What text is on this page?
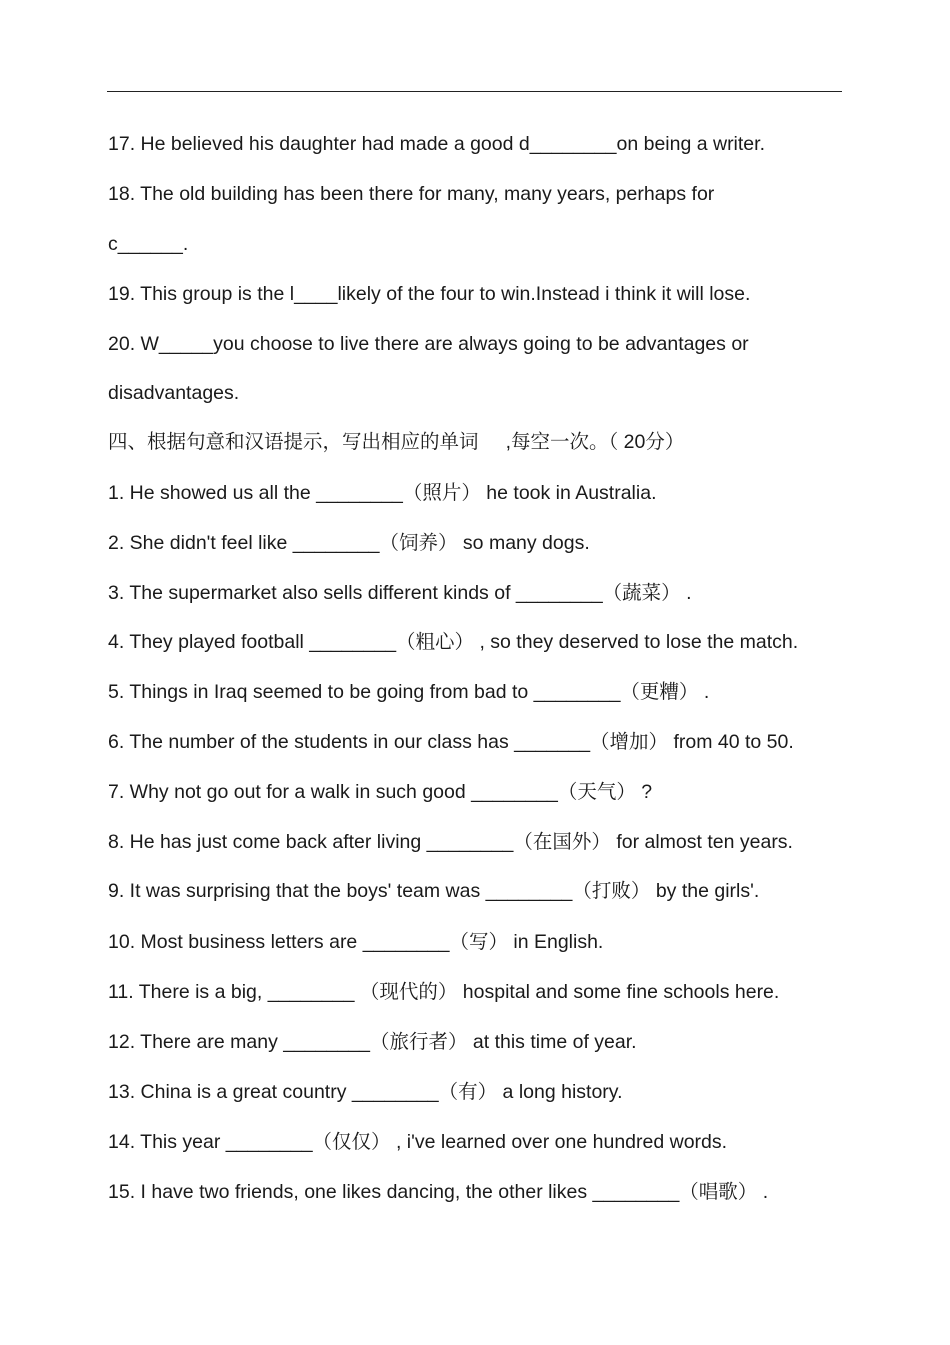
17. He believed his daughter had made a good d________on being a writer.
18. The old building has been there for many, many years, perhaps for
c______.
19. This group is the l____likely of the four to win.Instead i think it will lose.
20. W_____you choose to live there are always going to be advantages or
disadvantages.
四、根据句意和汉语提示，写出相应的单词     ,每空一次。（ 20分）
1. He showed us all the ________（照片） he took in Australia.
2. She didn't feel like ________（饲养） so many dogs.
3. The supermarket also sells different kinds of ________（蔬菜） .
4. They played football ________（粗心） , so they deserved to lose the match.
5. Things in Iraq seemed to be going from bad to ________（更糟） .
6. The number of the students in our class has _______（增加） from 40 to 50.
7. Why not go out for a walk in such good ________（天气） ?
8. He has just come back after living ________（在国外） for almost ten years.
9. It was surprising that the boys' team was ________（打败） by the girls'.
10. Most business letters are ________（写） in English.
11. There is a big, ________ （现代的） hospital and some fine schools here.
12. There are many ________（旅行者） at this time of year.
13. China is a great country ________（有） a long history.
14. This year ________（仅仅） , i've learned over one hundred words.
15. I have two friends, one likes dancing, the other likes ________（唱歌） .
